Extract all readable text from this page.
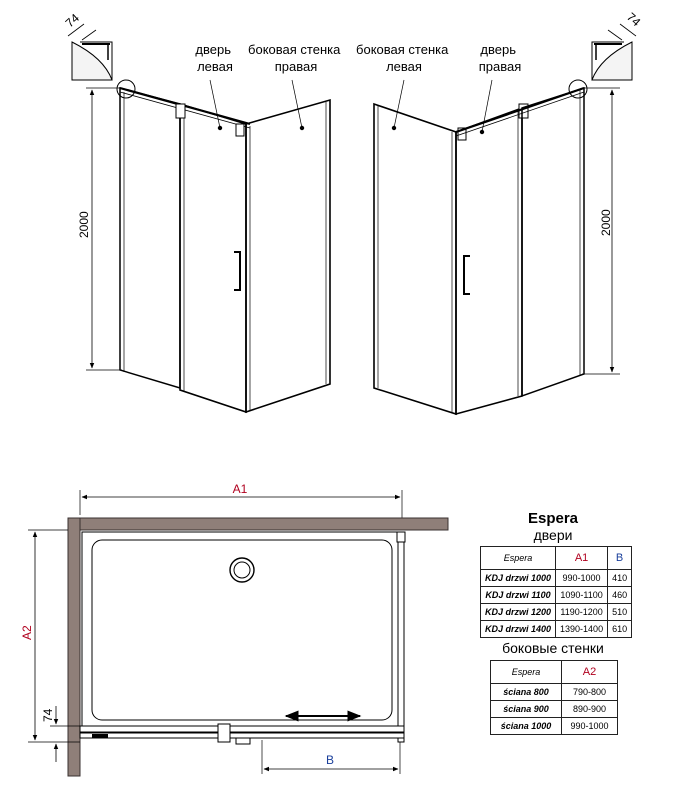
74
2000
дверь левая
боковая стенка правая
74
2000
боковая стенка левая
дверь правая
A1
A2
74
B
Espera
двери
Espera	A1	B
KDJ drzwi 1000	990-1000	410
KDJ drzwi 1100	1090-1100	460
KDJ drzwi 1200	1190-1200	510
KDJ drzwi 1400	1390-1400	610
боковые стенки
Espera	A2
ściana 800	790-800
ściana 900	890-900
ściana 1000	990-1000
